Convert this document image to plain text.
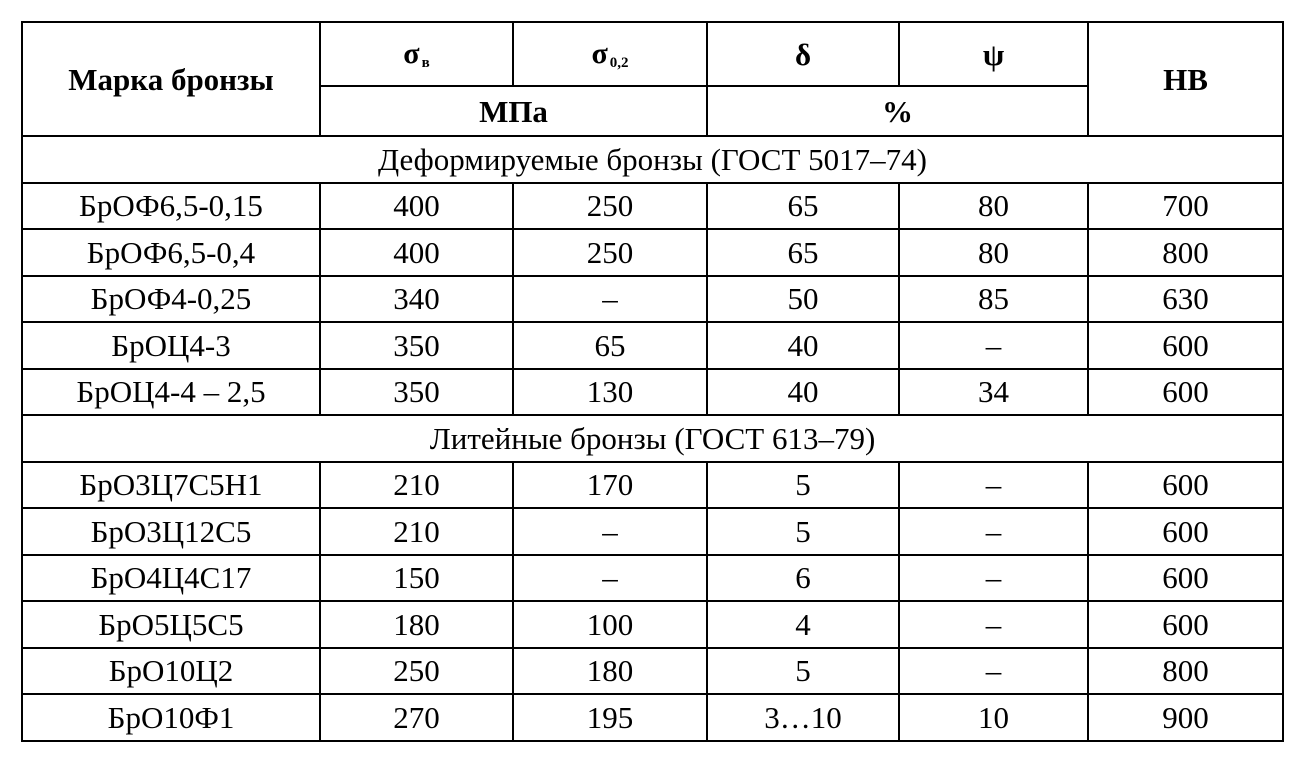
Марка бронзы	σ $_в$	σ $_{0,2}$	δ	ψ	HB
	МПа		%		
Деформируемые бронзы (ГОСТ 5017–74)					
БрОФ6,5-0,15	400	250	65	80	700
БрОФ6,5-0,4	400	250	65	80	800
БрОФ4-0,25	340	–	50	85	630
БрОЦ4-3	350	65	40	–	600
БрОЦ4-4 – 2,5	350	130	40	34	600
Литейные бронзы (ГОСТ 613–79)					
БрО3Ц7С5Н1	210	170	5	–	600
БрО3Ц12С5	210	–	5	–	600
БрО4Ц4С17	150	–	6	–	600
БрО5Ц5С5	180	100	4	–	600
БрО10Ц2	250	180	5	–	800
БрО10Ф1	270	195	3…10	10	900
